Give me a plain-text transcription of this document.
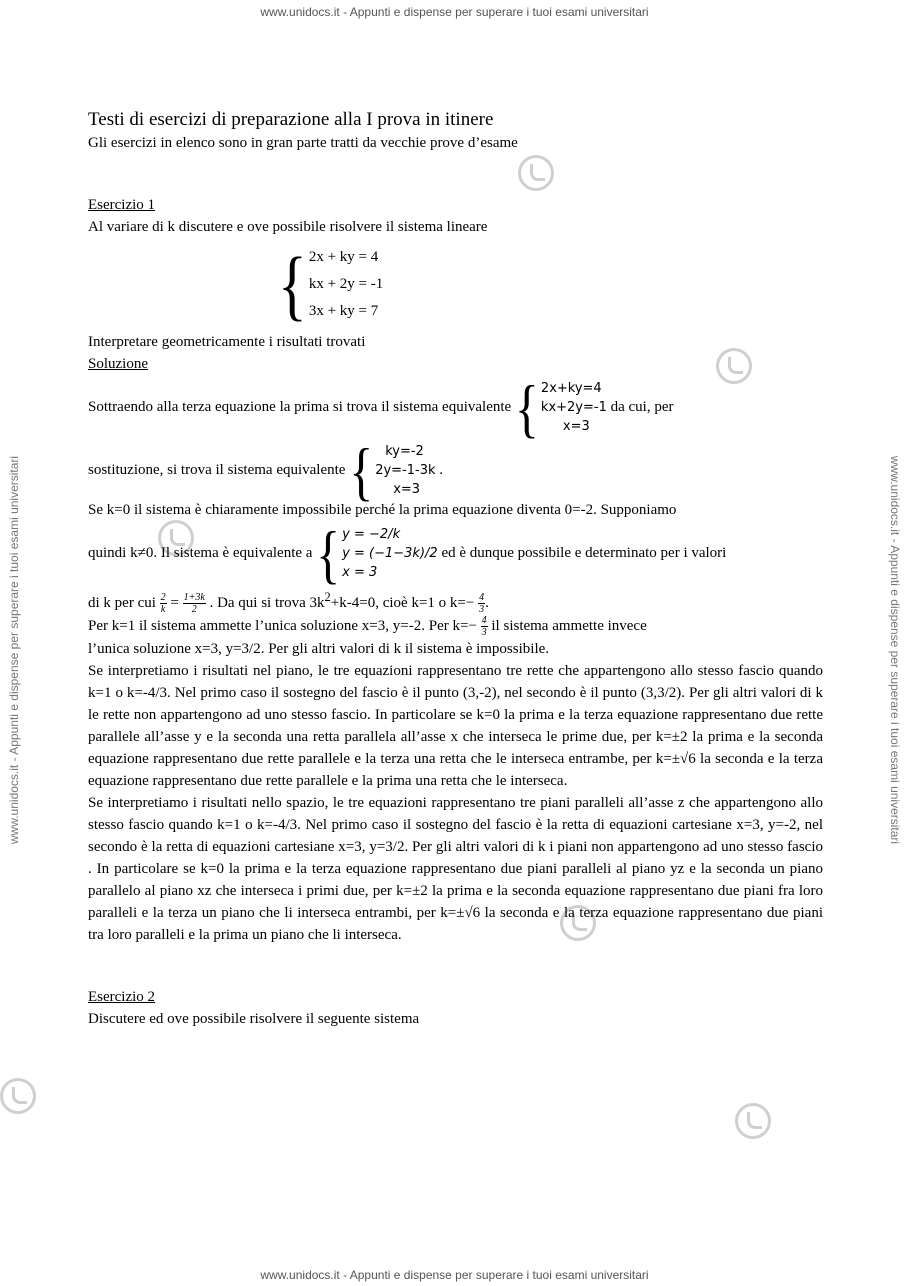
www.unidocs.it - Appunti e dispense per superare i tuoi esami universitari
www.unidocs.it - Appunti e dispense per superare i tuoi esami universitari
www.unidocs.it - Appunti e dispense per superare i tuoi esami universitari	www.unidocs.it - Appunti e dispense per superare i tuoi esami universitari
Testi di esercizi di preparazione alla I prova in itinere
Gli esercizi in elenco sono in gran parte tratti da vecchie prove d’esame
Esercizio 1
Al variare di k discutere e ove possibile risolvere il sistema lineare
{ 2x + ky = 4
kx + 2y = -1
3x + ky = 7
Interpretare geometricamente i risultati trovati
Soluzione
Sottraendo alla terza equazione la prima si trova il sistema equivalente { 2x+ky=4
kx+2y=-1
x=3
da cui, per
sostituzione, si trova il sistema equivalente { ky=-2
2y=-1-3k
x=3
.
Se k=0 il sistema è chiaramente impossibile perché la prima equazione diventa 0=-2. Supponiamo
quindi k≠0. Il sistema è equivalente a { y = −2/k
y = (−1−3k)/2
x = 3
ed è dunque possibile e determinato per i valori
di k per cui $\frac{2}{k} = \frac{1+3k}{2}$ . Da qui si trova $3k^2+k-4=0$, cioè k=1 o $k=- \frac{4}{3}$ .
Per k=1 il sistema ammette l’unica soluzione x=3, y=-2. Per $k=- \frac{4}{3}$ il sistema ammette invece
l’unica soluzione x=3, y=3/2. Per gli altri valori di k il sistema è impossibile.
Se interpretiamo i risultati nel piano, le tre equazioni rappresentano tre rette che appartengono allo stesso fascio quando k=1 o k=-4/3. Nel primo caso il sostegno del fascio è il punto (3,-2), nel secondo è il punto (3,3/2). Per gli altri valori di k le rette non appartengono ad uno stesso fascio. In particolare se k=0 la prima e la terza equazione rappresentano due rette parallele all’asse y e la seconda una retta parallela all’asse x che interseca le prime due, per k=±2 la prima e la seconda equazione rappresentano due rette parallele e la terza una retta che le interseca entrambe, per k=±√6 la seconda e la terza equazione rappresentano due rette parallele e la prima una retta che le interseca.
Se interpretiamo i risultati nello spazio, le tre equazioni rappresentano tre piani paralleli all’asse z che appartengono allo stesso fascio quando k=1 o k=-4/3. Nel primo caso il sostegno del fascio è la retta di equazioni cartesiane x=3, y=-2, nel secondo è la retta di equazioni cartesiane x=3, y=3/2. Per gli altri valori di k i piani non appartengono ad uno stesso fascio . In particolare se k=0 la prima e la terza equazione rappresentano due piani paralleli al piano yz e la seconda un piano parallelo al piano xz che interseca i primi due, per k=±2 la prima e la seconda equazione rappresentano due piani fra loro paralleli e la terza un piano che li interseca entrambi, per k=±√6 la seconda e la terza equazione rappresentano due piani tra loro paralleli e la prima un piano che li interseca.
Esercizio 2
Discutere ed ove possibile risolvere il seguente sistema
